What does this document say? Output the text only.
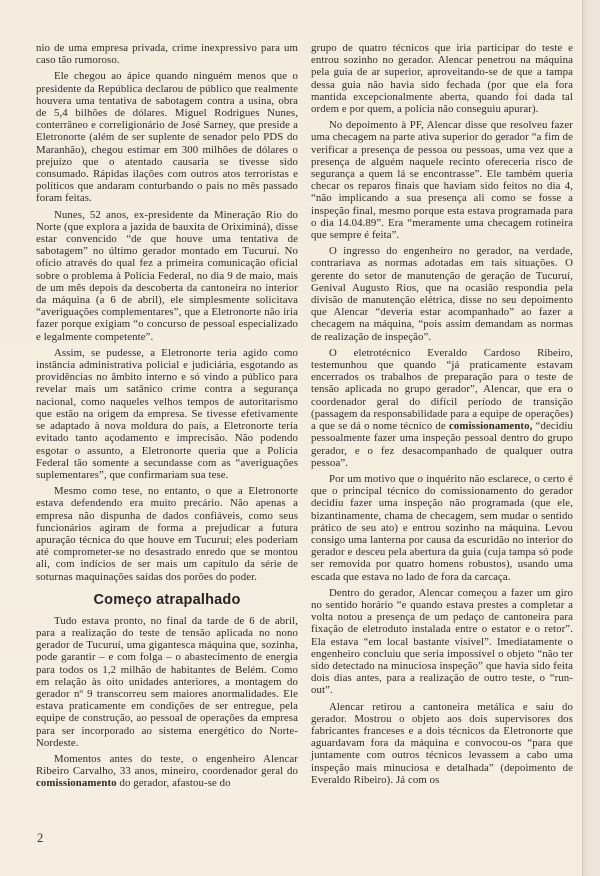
nio de uma empresa privada, crime inexpressivo para um caso tão rumoroso.

Ele chegou ao ápice quando ninguém menos que o presidente da República declarou de público que realmente houvera uma tentativa de sabotagem contra a usina, obra de 5,4 bilhões de dólares. Miguel Rodrigues Nunes, conterrâneo e correligionário de José Sarney, que preside a Eletronorte (além de ser suplente de senador pelo PDS do Maranhão), chegou estimar em 300 milhões de dólares o prejuízo que o atentado causaria se tivesse sido consumado. Rápidas ilações com outros atos terroristas e políticos que andaram conturbando o país no mês passado foram feitas.

Nunes, 52 anos, ex-presidente da Mineração Rio do Norte (que explora a jazida de bauxita de Oriximiná), disse estar convencido “de que houve uma tentativa de sabotagem” no último gerador montado em Tucuruí. No ofício através do qual fez a primeira comunicação oficial sobre o problema à Polícia Federal, no dia 9 de maio, mais de um mês depois da descoberta da cantoneira no interior da máquina (a 6 de abril), ele simplesmente solicitava “averiguações complementares”, que a Eletronorte não iria fazer porque exigiam “o concurso de pessoal especializado e legalmente competente”.

Assim, se pudesse, a Eletronorte teria agido como instância administrativa policial e judiciária, esgotando as providências no âmbito interno e só vindo a público para revelar mais um satânico crime contra a segurança nacional, como naqueles velhos tempos de autoritarismo que estão na origem da empresa. Se tivesse efetivamente se adaptado à nova moldura do país, a Eletronorte teria evitado tanto açodamento e imprecisão. Não podendo esgotar o assunto, a Eletronorte queria que a Polícia Federal tão somente a secundasse com as “averiguações suplementares”, que confirmariam sua tese.

Mesmo como tese, no entanto, o que a Eletronorte estava defendendo era muito precário. Não apenas a empresa não dispunha de dados confiáveis, como seus funcionários agiram de forma a prejudicar a futura apuração técnica do que houve em Tucuruí; eles poderiam até comprometer-se no desastrado enredo que se montou ali, com indícios de ser mais um capítulo da série de soturnas maquinações saídas dos porões do poder.

Começo atrapalhado

Tudo estava pronto, no final da tarde de 6 de abril, para a realização do teste de tensão aplicada no nono gerador de Tucuruí, uma gigantesca máquina que, sozinha, pode garantir – e com folga – o abastecimento de energia para todos os 1,2 milhão de habitantes de Belém. Como em relação às oito unidades anteriores, a montagem do gerador nº 9 transcorreu sem maiores anormalidades. Ele estava praticamente em condições de ser entregue, pela equipe de construção, ao pessoal de operações da empresa para ser incorporado ao sistema energético do Norte-Nordeste.

Momentos antes do teste, o engenheiro Alencar Ribeiro Carvalho, 33 anos, mineiro, coordenador geral do comissionamento do gerador, afastou-se do

grupo de quatro técnicos que iria participar do teste e entrou sozinho no gerador. Alencar penetrou na máquina pela guia de ar superior, aproveitando-se de que a tampa dessa guia não havia sido fechada (por que ela fora mantida excepcionalmente aberta, quando foi dada tal ordem e por quem, a polícia não conseguiu apurar).

No depoimento à PF, Alencar disse que resolveu fazer uma checagem na parte ativa superior do gerador “a fim de verificar a presença de pessoa ou pessoas, uma vez que a presença de alguém naquele recinto ofereceria risco de segurança a quem lá se encontrasse”. Ele também queria checar os reparos finais que haviam sido feitos no dia 4, “não implicando a sua presença ali como se fosse a inspeção final, mesmo porque esta estava programada para o dia 14.04.89”. Era “meramente uma checagem rotineira que sempre é feita”.

O ingresso do engenheiro no gerador, na verdade, contrariava as normas adotadas em tais situações. O gerente do setor de manutenção de geração de Tucuruí, Genival Augusto Rios, que na ocasião respondia pela divisão de manutenção elétrica, disse no seu depoimento que Alencar “deveria estar acompanhado” ao fazer a checagem na máquina, “pois assim demandam as normas de realização de inspeção”.

O eletrotécnico Everaldo Cardoso Ribeiro, testemunhou que quando “já praticamente estavam encerrados os trabalhos de preparação para o teste de tensão aplicada no grupo gerador”, Alencar, que era o coordenador geral do difícil período de transição (passagem da responsabilidade para a equipe de operações) a que se dá o nome técnico de comissionamento, “decidiu pessoalmente fazer uma inspeção pessoal dentro do grupo gerador, e o fez desacompanhado de qualquer outra pessoa”.

Por um motivo que o inquérito não esclarece, o certo é que o principal técnico do comissionamento do gerador decidiu fazer uma inspeção não programada (que ele, bizantinamente, chama de checagem, sem mudar o sentido prático de seu ato) e entrou sozinho na máquina. Levou consigo uma lanterna por causa da escuridão no interior do gerador e desceu pela abertura da guia (cuja tampa só pode ser removida por quatro homens robustos), usando uma escada que estava no lado de fora da carcaça.

Dentro do gerador, Alencar começou a fazer um giro no sentido horário “e quando estava prestes a completar a volta notou a presença de um pedaço de cantoneira para fixação de eletroduto instalada entre o estator e o retor”. Ela estava “em local bastante visível”. Imediatamente o engenheiro concluiu que seria impossível o objeto “não ter sido detectado na minuciosa inspeção” que havia sido feita dois dias antes, para a realização de outro teste, o “run-out”.

Alencar retirou a cantoneira metálica e saiu do gerador. Mostrou o objeto aos dois supervisores dos fabricantes franceses e a dois técnicos da Eletronorte que aguardavam fora da máquina e convocou-os “para que juntamente com outros técnicos levassem a cabo uma inspeção mais minuciosa e detalhada” (depoimento de Everaldo Ribeiro). Já com os

2
